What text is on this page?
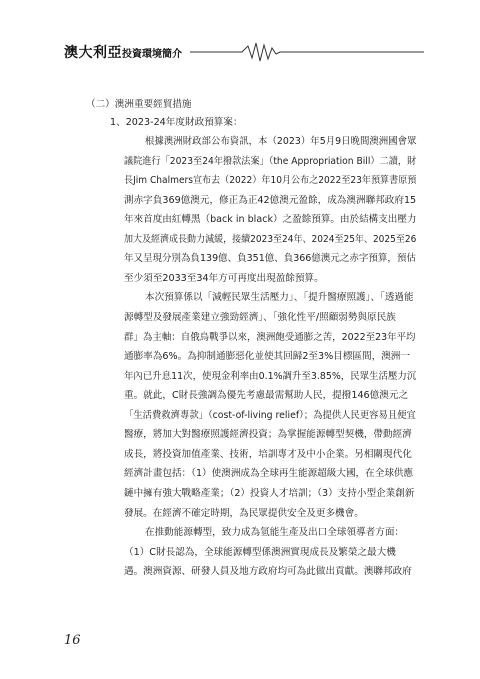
澳大利亞投資環境簡介
（二）澳洲重要經貿措施
1、2023-24年度財政預算案：
根據澳洲財政部公布資訊，本（2023）年5月9日晚間澳洲國會眾
議院進行「2023至24年撥款法案」（the Appropriation Bill）二讀，財
長Jim Chalmers宣布去（2022）年10月公布之2022至23年預算書原預
測赤字負369億澳元，修正為正42億澳元盈餘，成為澳洲聯邦政府15
年來首度由紅轉黑（back in black）之盈餘預算。由於結構支出壓力
加大及經濟成長動力減緩，接續2023至24年、2024至25年、2025至26
年又呈現分別為負139億、負351億、負366億澳元之赤字預算，預估
至少須至2033至34年方可再度出現盈餘預算。
本次預算係以「減輕民眾生活壓力」、「提升醫療照護」、「透過能
源轉型及發展產業建立強勁經濟」、「強化性平/照顧弱勢與原民族
群」為主軸：自俄烏戰爭以來，澳洲飽受通膨之苦，2022至23年平均
通膨率為6%。為抑制通膨惡化並使其回歸2至3%目標區間，澳洲一
年內已升息11次，使現金利率由0.1%調升至3.85%，民眾生活壓力沉
重。就此，C財長強調為優先考慮最需幫助人民，提撥146億澳元之
「生活費救濟專款」（cost-of-living relief）；為提供人民更容易且便宜
醫療，將加大對醫療照護經濟投資；為掌握能源轉型契機，帶動經濟
成長，將投資加值產業、技術，培訓專才及中小企業。另相關現代化
經濟計畫包括：（1）使澳洲成為全球再生能源超級大國，在全球供應
鏈中擁有強大戰略產業；（2）投資人才培訓；（3）支持小型企業創新
發展。在經濟不確定時期，為民眾提供安全及更多機會。
在推動能源轉型，致力成為氫能生產及出口全球領導者方面：
（1）C財長認為，全球能源轉型係澳洲實現成長及繁榮之最大機
遇。澳洲資源、研發人員及地方政府均可為此做出貢獻。澳聯邦政府
16
